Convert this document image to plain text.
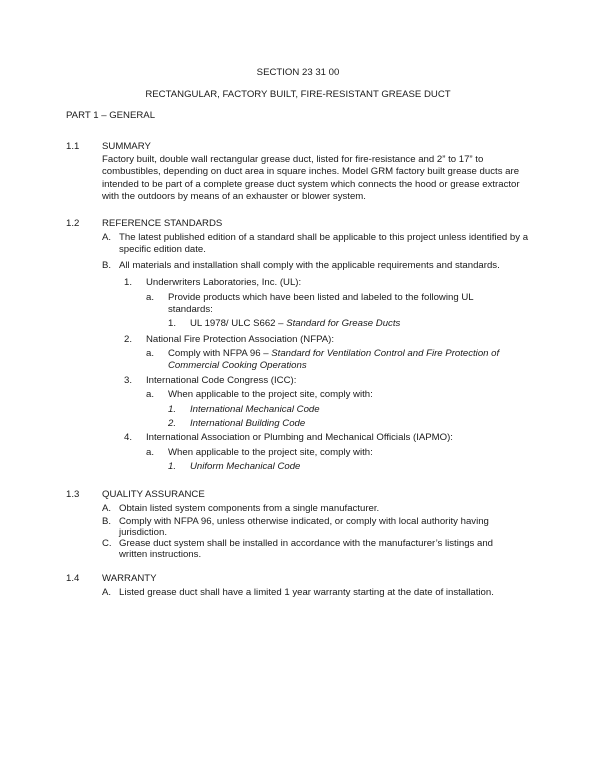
SECTION 23 31 00
RECTANGULAR, FACTORY BUILT, FIRE-RESISTANT GREASE DUCT
PART 1 – GENERAL
1.1 SUMMARY
Factory built, double wall rectangular grease duct, listed for fire-resistance and 2” to 17” to combustibles, depending on duct area in square inches. Model GRM factory built grease ducts are intended to be part of a complete grease duct system which connects the hood or grease extractor with the outdoors by means of an exhauster or blower system.
1.2 REFERENCE STANDARDS
A. The latest published edition of a standard shall be applicable to this project unless identified by a specific edition date.
B. All materials and installation shall comply with the applicable requirements and standards.
1. Underwriters Laboratories, Inc. (UL):
a. Provide products which have been listed and labeled to the following UL standards:
1. UL 1978/ ULC S662 – Standard for Grease Ducts
2. National Fire Protection Association (NFPA):
a. Comply with NFPA 96 – Standard for Ventilation Control and Fire Protection of
Commercial Cooking Operations
3. International Code Congress (ICC):
a. When applicable to the project site, comply with:
1. International Mechanical Code
2. International Building Code
4. International Association or Plumbing and Mechanical Officials (IAPMO):
a. When applicable to the project site, comply with:
1. Uniform Mechanical Code
1.3 QUALITY ASSURANCE
A. Obtain listed system components from a single manufacturer.
B. Comply with NFPA 96, unless otherwise indicated, or comply with local authority having jurisdiction.
C. Grease duct system shall be installed in accordance with the manufacturer’s listings and written instructions.
1.4 WARRANTY
A. Listed grease duct shall have a limited 1 year warranty starting at the date of installation.
